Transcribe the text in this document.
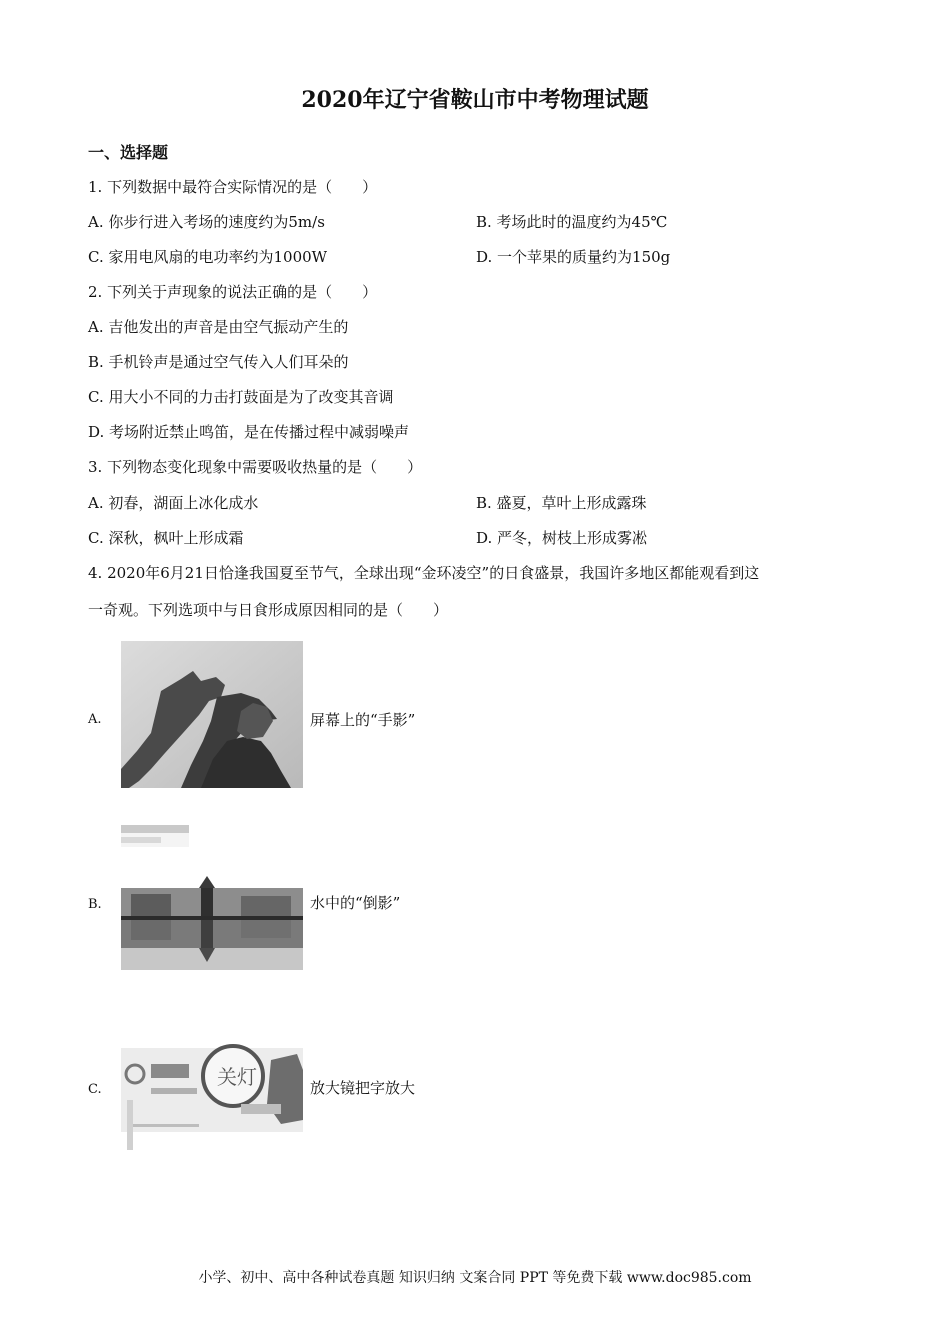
2020年辽宁省鞍山市中考物理试题
一、选择题
1. 下列数据中最符合实际情况的是（　　）
A. 你步行进入考场的速度约为5m/s	B. 考场此时的温度约为45℃
C. 家用电风扇的电功率约为1000W	D. 一个苹果的质量约为150g
2. 下列关于声现象的说法正确的是（　　）
A. 吉他发出的声音是由空气振动产生的
B. 手机铃声是通过空气传入人们耳朵的
C. 用大小不同的力击打鼓面是为了改变其音调
D. 考场附近禁止鸣笛，是在传播过程中减弱噪声
3. 下列物态变化现象中需要吸收热量的是（　　）
A. 初春，湖面上冰化成水	B. 盛夏，草叶上形成露珠
C. 深秋，枫叶上形成霜	D. 严冬，树枝上形成雾凇
4. 2020年6月21日恰逢我国夏至节气，全球出现“金环凌空”的日食盛景，我国许多地区都能观看到这
一奇观。下列选项中与日食形成原因相同的是（　　）
A.	屏幕上的“手影”
B.	水中的“倒影”
C.
关灯	放大镜把字放大
小学、初中、高中各种试卷真题 知识归纳 文案合同 PPT 等免费下载 www.doc985.com
